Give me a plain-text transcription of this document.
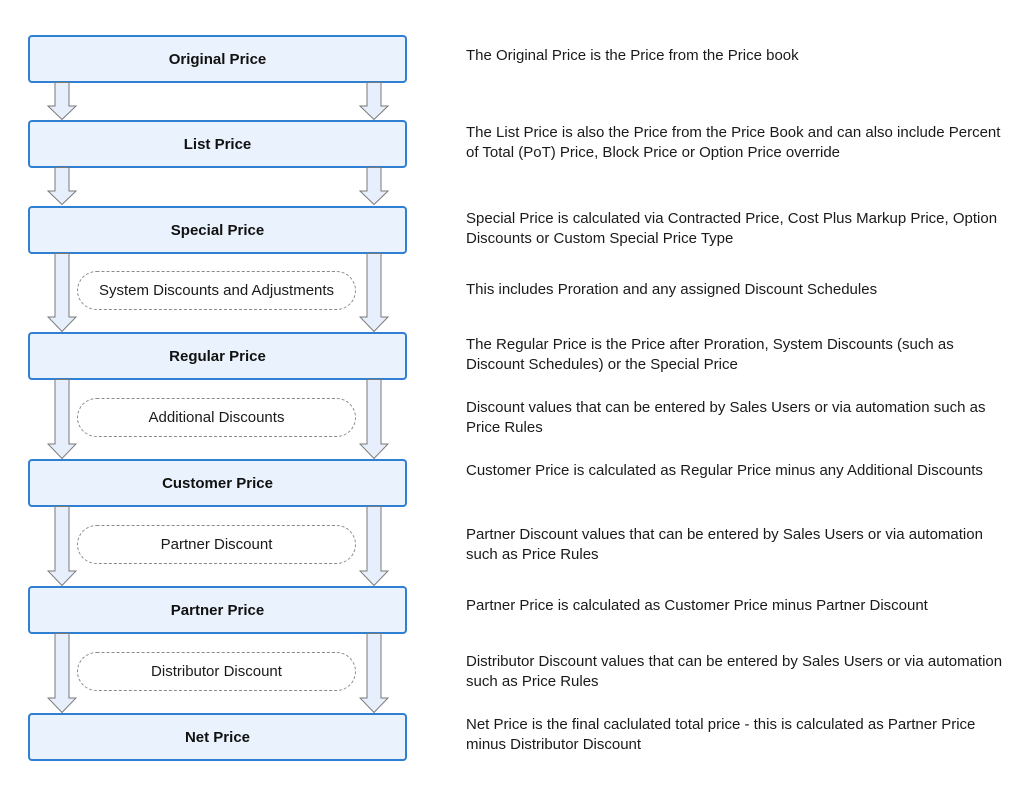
Original Price
List Price
Special Price
Regular Price
Customer Price
Partner Price
Net Price
System Discounts and Adjustments
Additional Discounts
Partner Discount
Distributor Discount
The Original Price is the Price from the Price book
The List Price is also the Price from the Price Book and can also include Percent of Total (PoT) Price, Block Price or Option Price override
Special Price is calculated via Contracted Price, Cost Plus Markup Price, Option Discounts or Custom Special Price Type
This includes Proration and any assigned Discount Schedules
The Regular Price is the Price after Proration, System Discounts (such as Discount Schedules) or the Special Price
Discount values that can be entered by Sales Users or via automation such as Price Rules
Customer Price is calculated as Regular Price minus any Additional Discounts
Partner Discount values that can be entered by Sales Users or via automation such as Price Rules
Partner Price is calculated as Customer Price minus Partner Discount
Distributor Discount values that can be entered by Sales Users or via automation such as Price Rules
Net Price is the final caclulated total price - this is calculated as Partner Price minus Distributor Discount
